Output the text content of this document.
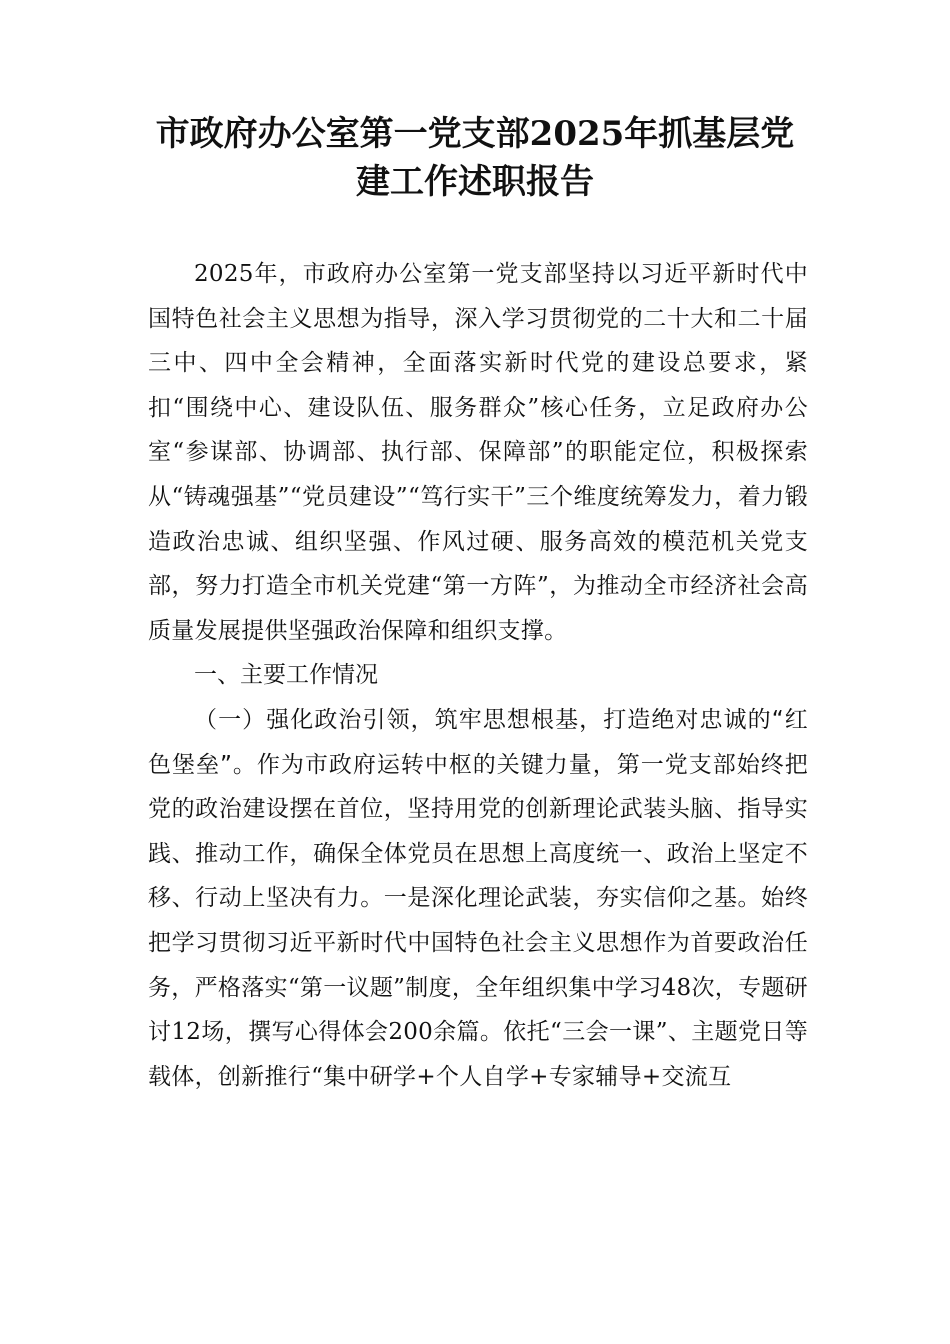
市政府办公室第一党支部2025年抓基层党
建工作述职报告

2025年，市政府办公室第一党支部坚持以习近平新时代中国特色社会主义思想为指导，深入学习贯彻党的二十大和二十届三中、四中全会精神，全面落实新时代党的建设总要求，紧扣“围绕中心、建设队伍、服务群众”核心任务，立足政府办公室“参谋部、协调部、执行部、保障部”的职能定位，积极探索从“铸魂强基”“党员建设”“笃行实干”三个维度统筹发力，着力锻造政治忠诚、组织坚强、作风过硬、服务高效的模范机关党支部，努力打造全市机关党建“第一方阵”，为推动全市经济社会高质量发展提供坚强政治保障和组织支撑。

一、主要工作情况

（一）强化政治引领，筑牢思想根基，打造绝对忠诚的“红色堡垒”。作为市政府运转中枢的关键力量，第一党支部始终把党的政治建设摆在首位，坚持用党的创新理论武装头脑、指导实践、推动工作，确保全体党员在思想上高度统一、政治上坚定不移、行动上坚决有力。一是深化理论武装，夯实信仰之基。始终把学习贯彻习近平新时代中国特色社会主义思想作为首要政治任务，严格落实“第一议题”制度，全年组织集中学习48次，专题研讨12场，撰写心得体会200余篇。依托“三会一课”、主题党日等载体，创新推行“集中研学+个人自学+专家辅导+交流互
